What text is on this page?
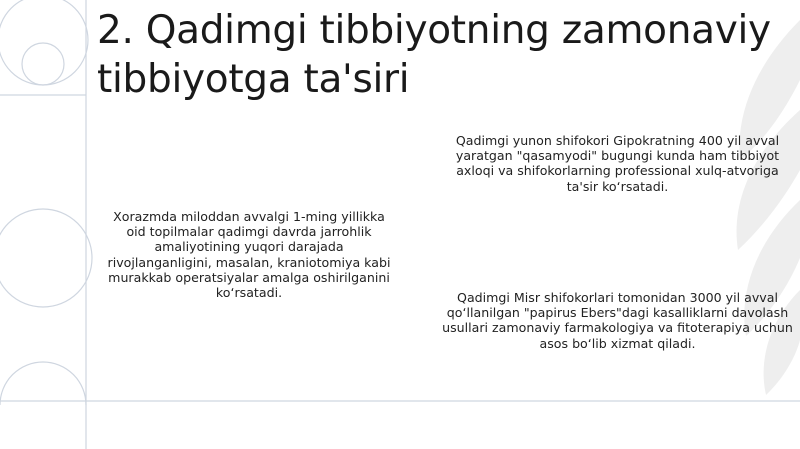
2. Qadimgi tibbiyotning zamonaviy tibbiyotga ta'siri

Xorazmda miloddan avvalgi 1-ming yillikka oid topilmalar qadimgi davrda jarrohlik amaliyotining yuqori darajada rivojlanganligini, masalan, kraniotomiya kabi murakkab operatsiyalar amalga oshirilganini ko‘rsatadi.

Qadimgi yunon shifokori Gipokratning 400 yil avval yaratgan "qasamyodi" bugungi kunda ham tibbiyot axloqi va shifokorlarning professional xulq-atvoriga ta'sir ko‘rsatadi.

Qadimgi Misr shifokorlari tomonidan 3000 yil avval qo‘llanilgan "papirus Ebers"dagi kasalliklarni davolash usullari zamonaviy farmakologiya va fitoterapiya uchun asos bo‘lib xizmat qiladi.
